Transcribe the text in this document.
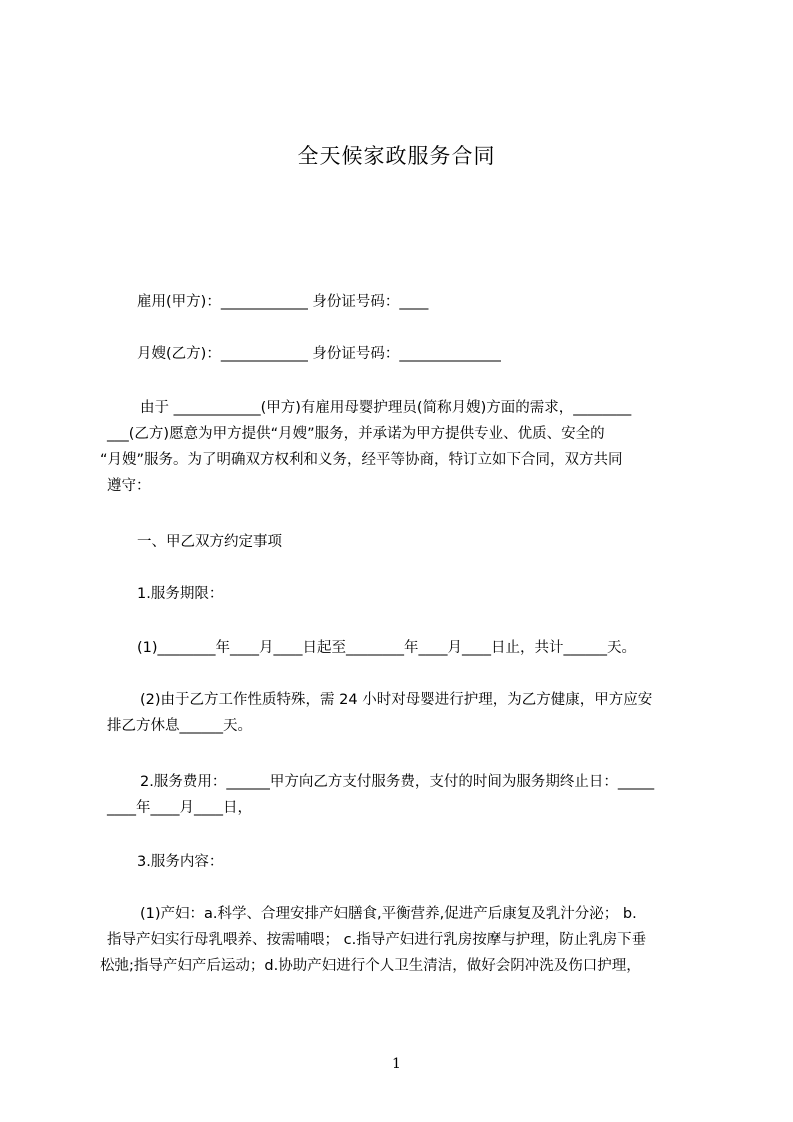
全天候家政服务合同
雇用(甲方)：____________ 身份证号码：____
月嫂(乙方)：____________ 身份证号码：______________
由于 ____________(甲方)有雇用母婴护理员(简称月嫂)方面的需求，________
___(乙方)愿意为甲方提供“月嫂”服务，并承诺为甲方提供专业、优质、安全的
“月嫂”服务。为了明确双方权利和义务，经平等协商，特订立如下合同，双方共同
遵守：
一、甲乙双方约定事项
1.服务期限：
(1)________年____月____日起至________年____月____日止，共计______天。
(2)由于乙方工作性质特殊，需 24 小时对母婴进行护理，为乙方健康，甲方应安
排乙方休息______天。
2.服务费用：______甲方向乙方支付服务费，支付的时间为服务期终止日：_____
____年____月____日，
3.服务内容：
(1)产妇：a.科学、合理安排产妇膳食,平衡营养,促进产后康复及乳汁分泌； b.
指导产妇实行母乳喂养、按需哺喂； c.指导产妇进行乳房按摩与护理，防止乳房下垂
松弛;指导产妇产后运动；d.协助产妇进行个人卫生清洁，做好会阴冲洗及伤口护理，
1
